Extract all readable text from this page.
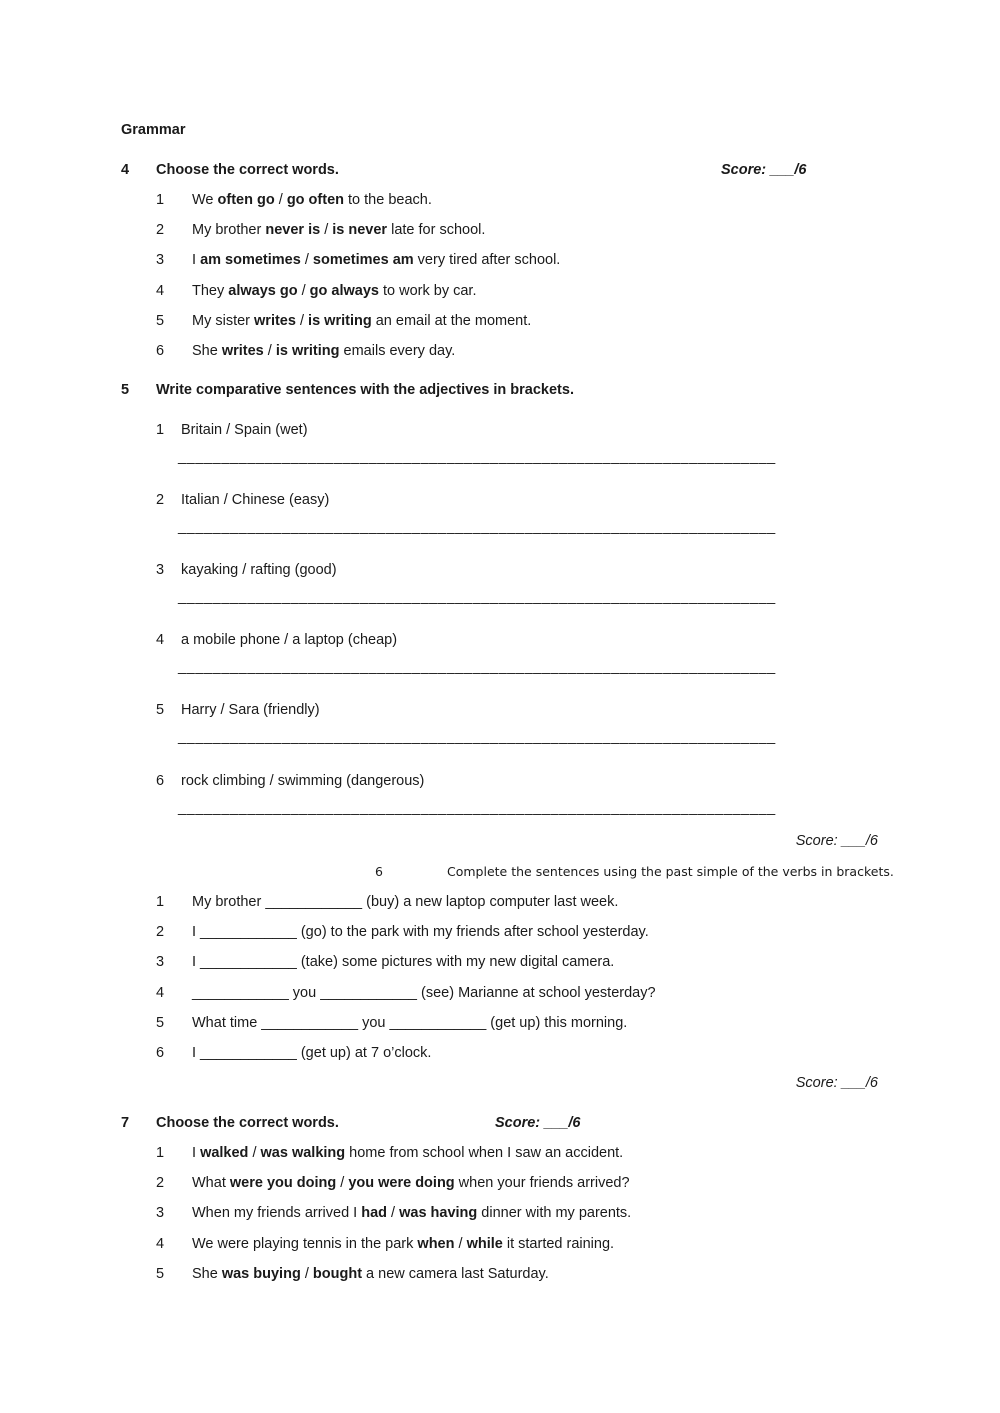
Grammar
4 Choose the correct words.	Score: ___/6
1 We often go / go often to the beach.
2 My brother never is / is never late for school.
3 I am sometimes / sometimes am very tired after school.
4 They always go / go always to work by car.
5 My sister writes / is writing an email at the moment.
6 She writes / is writing emails every day.
5 Write comparative sentences with the adjectives in brackets.
1 Britain / Spain (wet)
_____________________________________________________________________
2 Italian / Chinese (easy)
_____________________________________________________________________
3 kayaking / rafting (good)
_____________________________________________________________________
4 a mobile phone / a laptop (cheap)
_____________________________________________________________________
5 Harry / Sara (friendly)
_____________________________________________________________________
6 rock climbing / swimming (dangerous)
_____________________________________________________________________
Score: ___/6
6	Complete the sentences using the past simple of the verbs in brackets.
1 My brother ____________ (buy) a new laptop computer last week.
2 I ____________ (go) to the park with my friends after school yesterday.
3 I ____________ (take) some pictures with my new digital camera.
4 ____________ you ____________ (see) Marianne at school yesterday?
5 What time ____________ you ____________ (get up) this morning.
6 I ____________ (get up) at 7 o’clock.
Score: ___/6
7 Choose the correct words.	Score: ___/6
1 I walked / was walking home from school when I saw an accident.
2 What were you doing / you were doing when your friends arrived?
3 When my friends arrived I had / was having dinner with my parents.
4 We were playing tennis in the park when / while it started raining.
5 She was buying / bought a new camera last Saturday.
